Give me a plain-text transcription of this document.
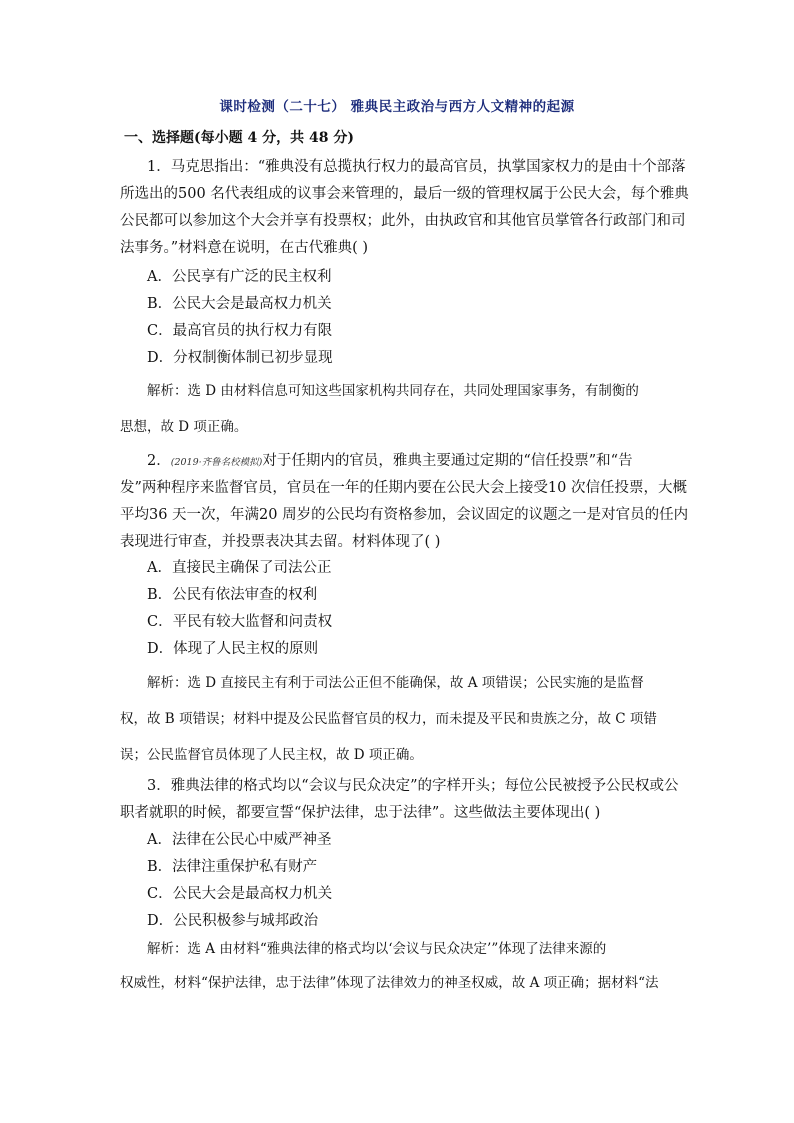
课时检测（二十七） 雅典民主政治与西方人文精神的起源
一、选择题(每小题 4 分，共 48 分)
1．马克思指出：“雅典没有总揽执行权力的最高官员，执掌国家权力的是由十个部落
所选出的500 名代表组成的议事会来管理的，最后一级的管理权属于公民大会，每个雅典
公民都可以参加这个大会并享有投票权；此外，由执政官和其他官员掌管各行政部门和司
法事务。”材料意在说明，在古代雅典( )
A．公民享有广泛的民主权利
B．公民大会是最高权力机关
C．最高官员的执行权力有限
D．分权制衡体制已初步显现
解析：选 D 由材料信息可知这些国家机构共同存在，共同处理国家事务，有制衡的
思想，故 D 项正确。
2．(2019·齐鲁名校模拟)对于任期内的官员，雅典主要通过定期的“信任投票”和“告
发”两种程序来监督官员，官员在一年的任期内要在公民大会上接受10 次信任投票，大概
平均36 天一次，年满20 周岁的公民均有资格参加，会议固定的议题之一是对官员的任内
表现进行审查，并投票表决其去留。材料体现了( )
A．直接民主确保了司法公正
B．公民有依法审查的权利
C．平民有较大监督和问责权
D．体现了人民主权的原则
解析：选 D 直接民主有利于司法公正但不能确保，故 A 项错误；公民实施的是监督
权，故 B 项错误；材料中提及公民监督官员的权力，而未提及平民和贵族之分，故 C 项错
误；公民监督官员体现了人民主权，故 D 项正确。
3．雅典法律的格式均以“会议与民众决定”的字样开头；每位公民被授予公民权或公
职者就职的时候，都要宣誓“保护法律，忠于法律”。这些做法主要体现出( )
A．法律在公民心中威严神圣
B．法律注重保护私有财产
C．公民大会是最高权力机关
D．公民积极参与城邦政治
解析：选 A 由材料“雅典法律的格式均以‘会议与民众决定’”体现了法律来源的
权威性，材料“保护法律，忠于法律”体现了法律效力的神圣权威，故 A 项正确；据材料“法
